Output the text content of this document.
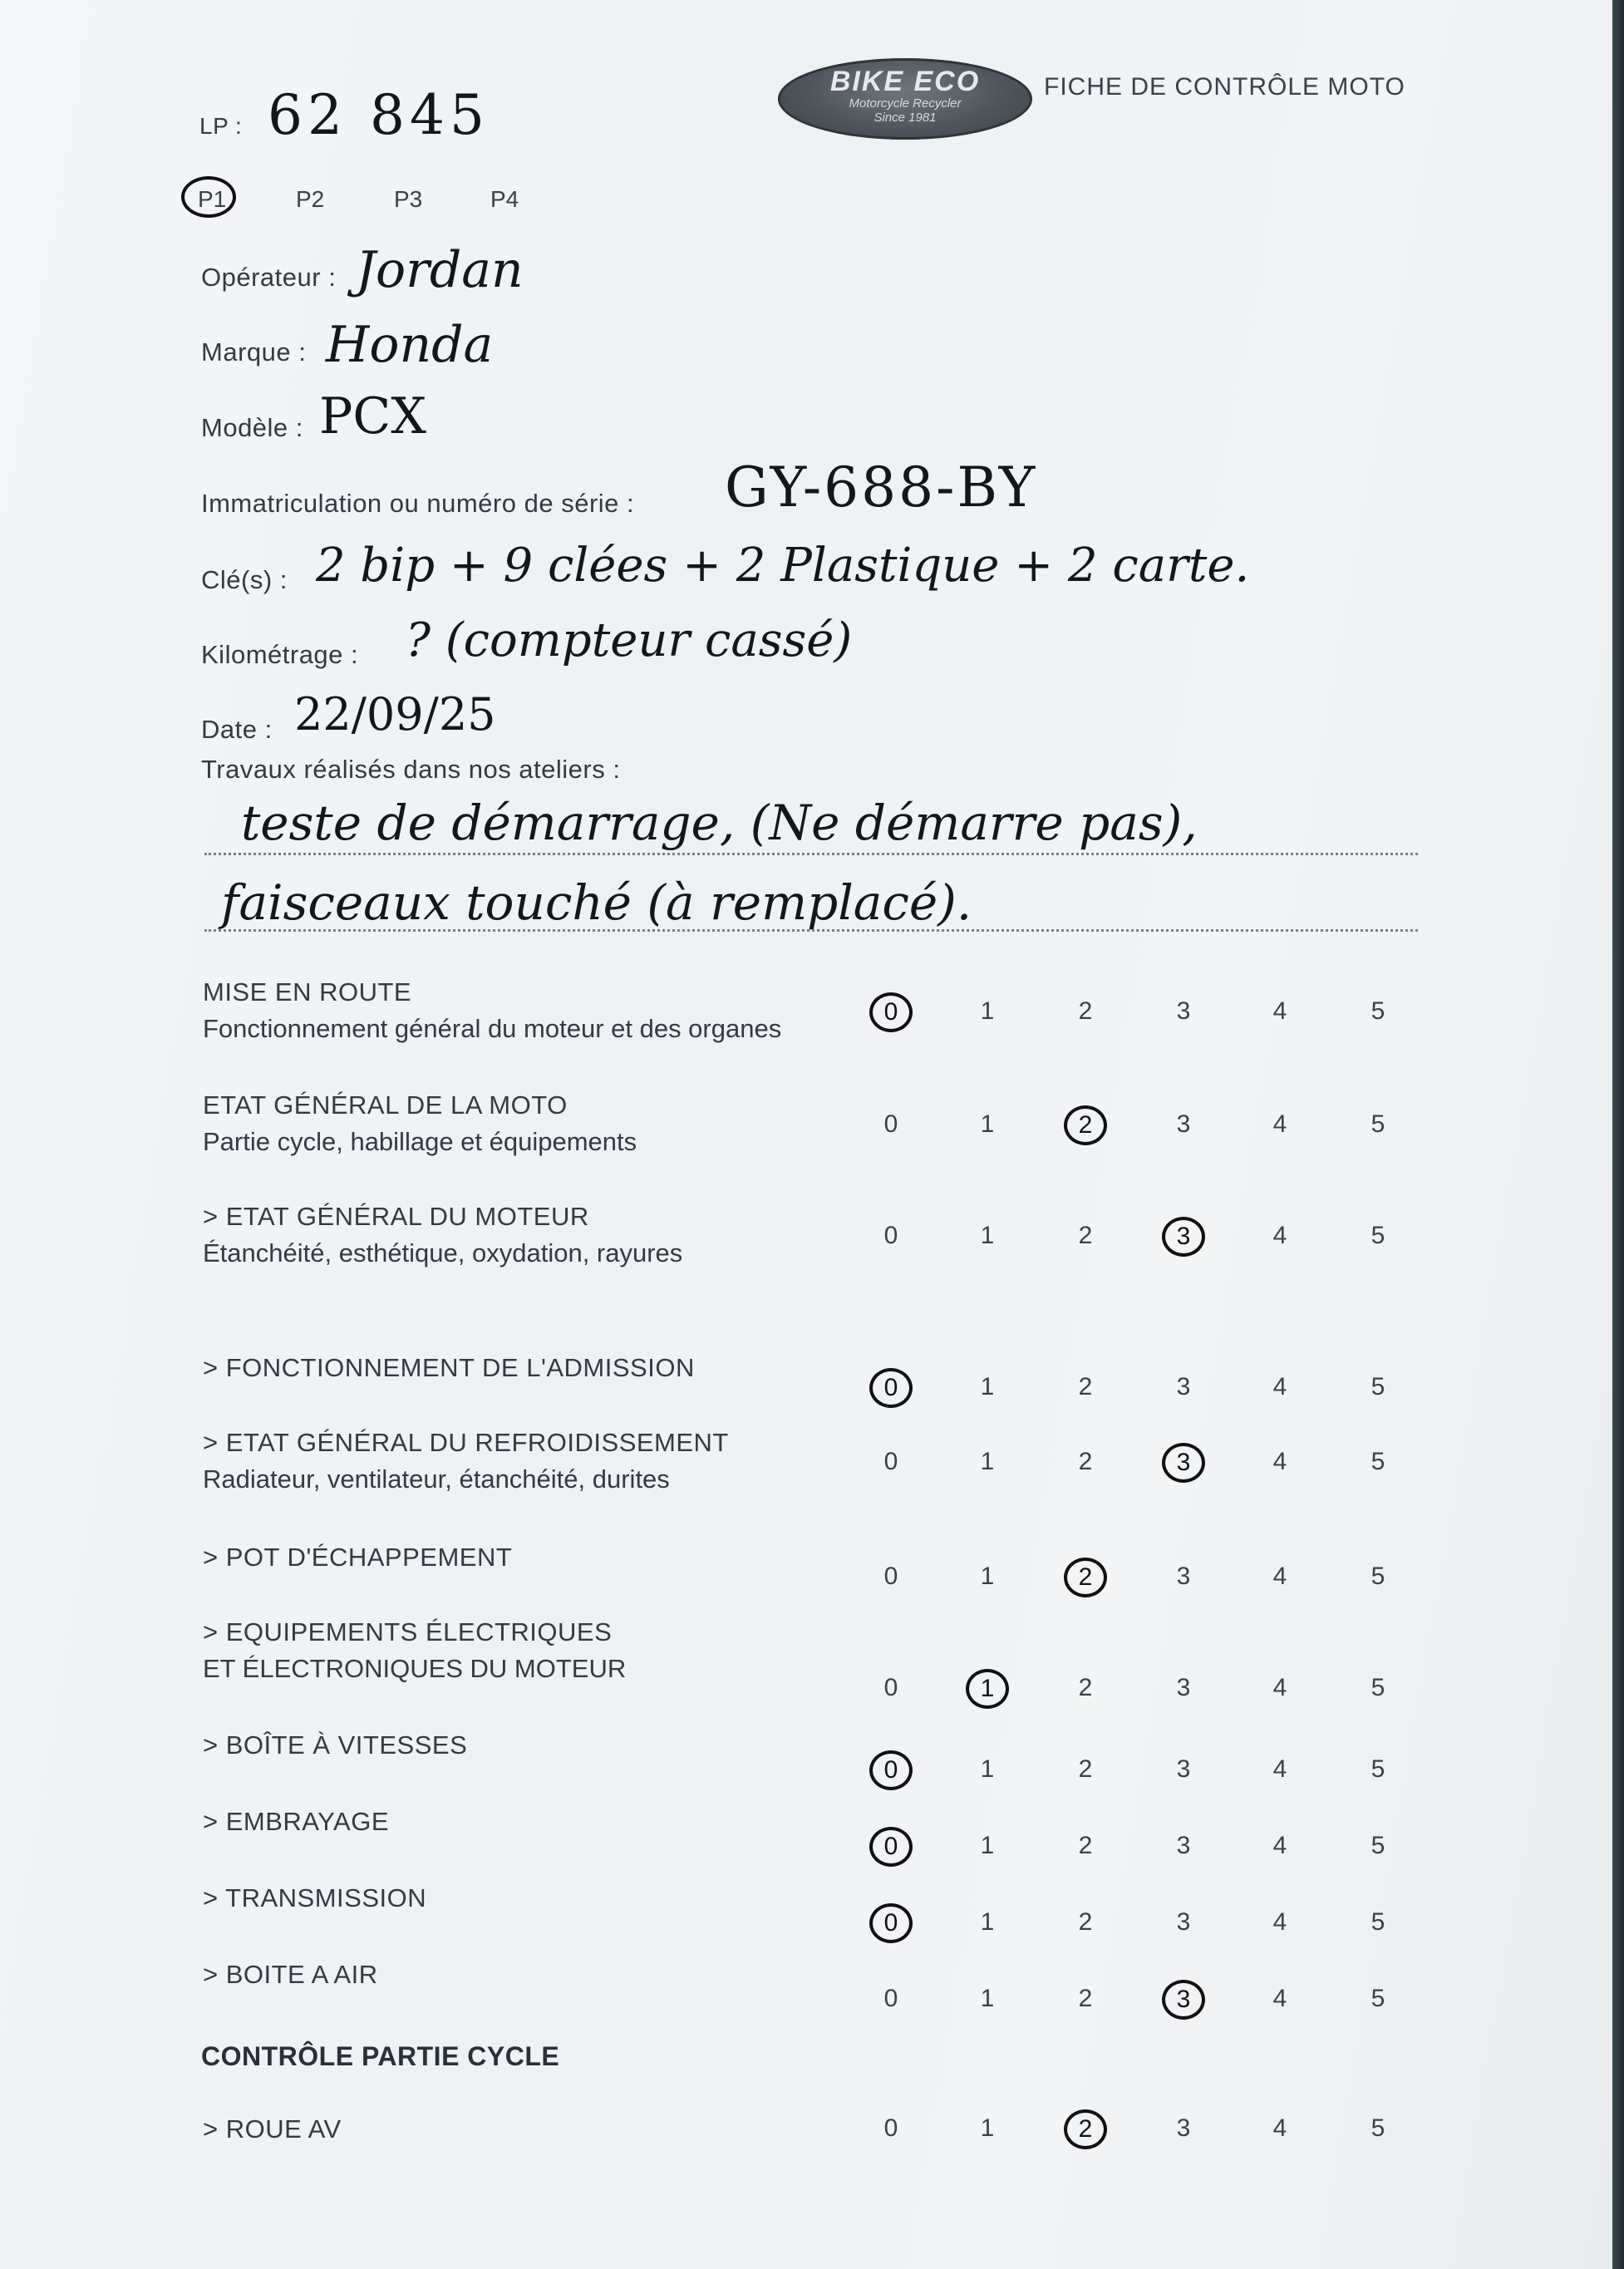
BIKE ECO
Motorcycle Recycler
Since 1981
FICHE DE CONTRÔLE MOTO
LP : 62 845
P1	P2	P3	P4
Opérateur : Jordan
Marque : Honda
Modèle : PCX
Immatriculation ou numéro de série : GY-688-BY
Clé(s) : 2 bip + 9 clées + 2 Plastique + 2 carte.
Kilométrage : ? (compteur cassé)
Date : 22/09/25
Travaux réalisés dans nos ateliers :
teste de démarrage, (Ne démarre pas),
faisceaux touché (à remplacé).
MISE EN ROUTE
Fonctionnement général du moteur et des organes
0	1	2	3	4	5
ETAT GÉNÉRAL DE LA MOTO
Partie cycle, habillage et équipements
0	1	2	3	4	5
> ETAT GÉNÉRAL DU MOTEUR
Étanchéité, esthétique, oxydation, rayures
0	1	2	3	4	5
> FONCTIONNEMENT DE L'ADMISSION
0	1	2	3	4	5
> ETAT GÉNÉRAL DU REFROIDISSEMENT
Radiateur, ventilateur, étanchéité, durites
0	1	2	3	4	5
> POT D'ÉCHAPPEMENT
0	1	2	3	4	5
> EQUIPEMENTS ÉLECTRIQUES
ET ÉLECTRONIQUES DU MOTEUR
0	1	2	3	4	5
> BOÎTE À VITESSES
0	1	2	3	4	5
> EMBRAYAGE
0	1	2	3	4	5
> TRANSMISSION
0	1	2	3	4	5
> BOITE A AIR
0	1	2	3	4	5
> ROUE AV	0	1	2	3	4	5
CONTRÔLE PARTIE CYCLE
